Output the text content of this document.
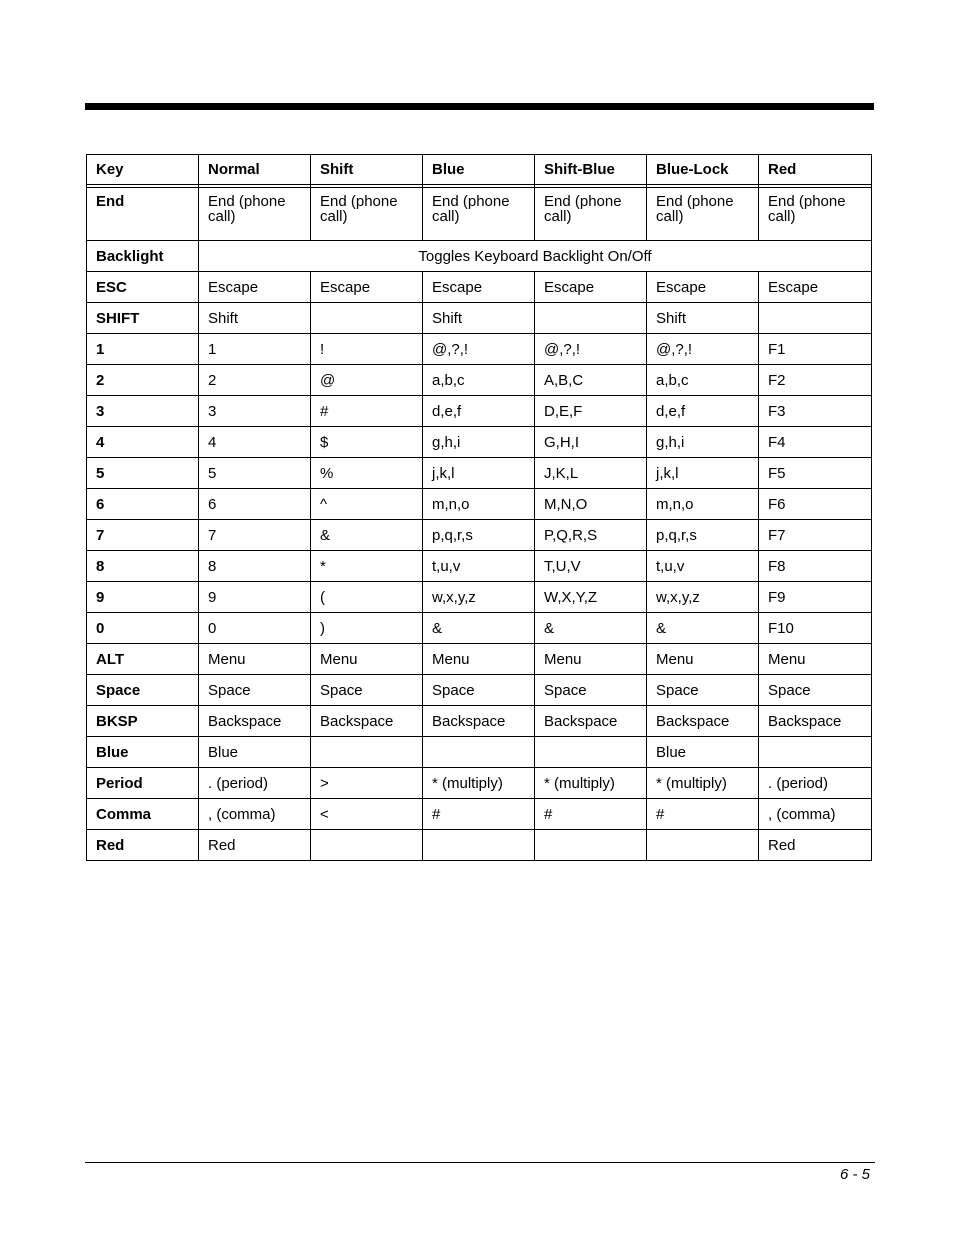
Key	Normal	Shift	Blue	Shift-Blue	Blue-Lock	Red

End	End (phone call)	End (phone call)	End (phone call)	End (phone call)	End (phone call)	End (phone call)
Backlight	Toggles Keyboard Backlight On/Off					
ESC	Escape	Escape	Escape	Escape	Escape	Escape
SHIFT	Shift		Shift		Shift	
1	1	!	@,?,!	@,?,!	@,?,!	F1
2	2	@	a,b,c	A,B,C	a,b,c	F2
3	3	#	d,e,f	D,E,F	d,e,f	F3
4	4	$	g,h,i	G,H,I	g,h,i	F4
5	5	%	j,k,l	J,K,L	j,k,l	F5
6	6	^	m,n,o	M,N,O	m,n,o	F6
7	7	&	p,q,r,s	P,Q,R,S	p,q,r,s	F7
8	8	*	t,u,v	T,U,V	t,u,v	F8
9	9	(	w,x,y,z	W,X,Y,Z	w,x,y,z	F9
0	0	)	&	&	&	F10
ALT	Menu	Menu	Menu	Menu	Menu	Menu
Space	Space	Space	Space	Space	Space	Space
BKSP	Backspace	Backspace	Backspace	Backspace	Backspace	Backspace
Blue	Blue				Blue	
Period	. (period)	>	* (multiply)	* (multiply)	* (multiply)	. (period)
Comma	, (comma)	<	#	#	#	, (comma)
Red	Red					Red
6 - 5
